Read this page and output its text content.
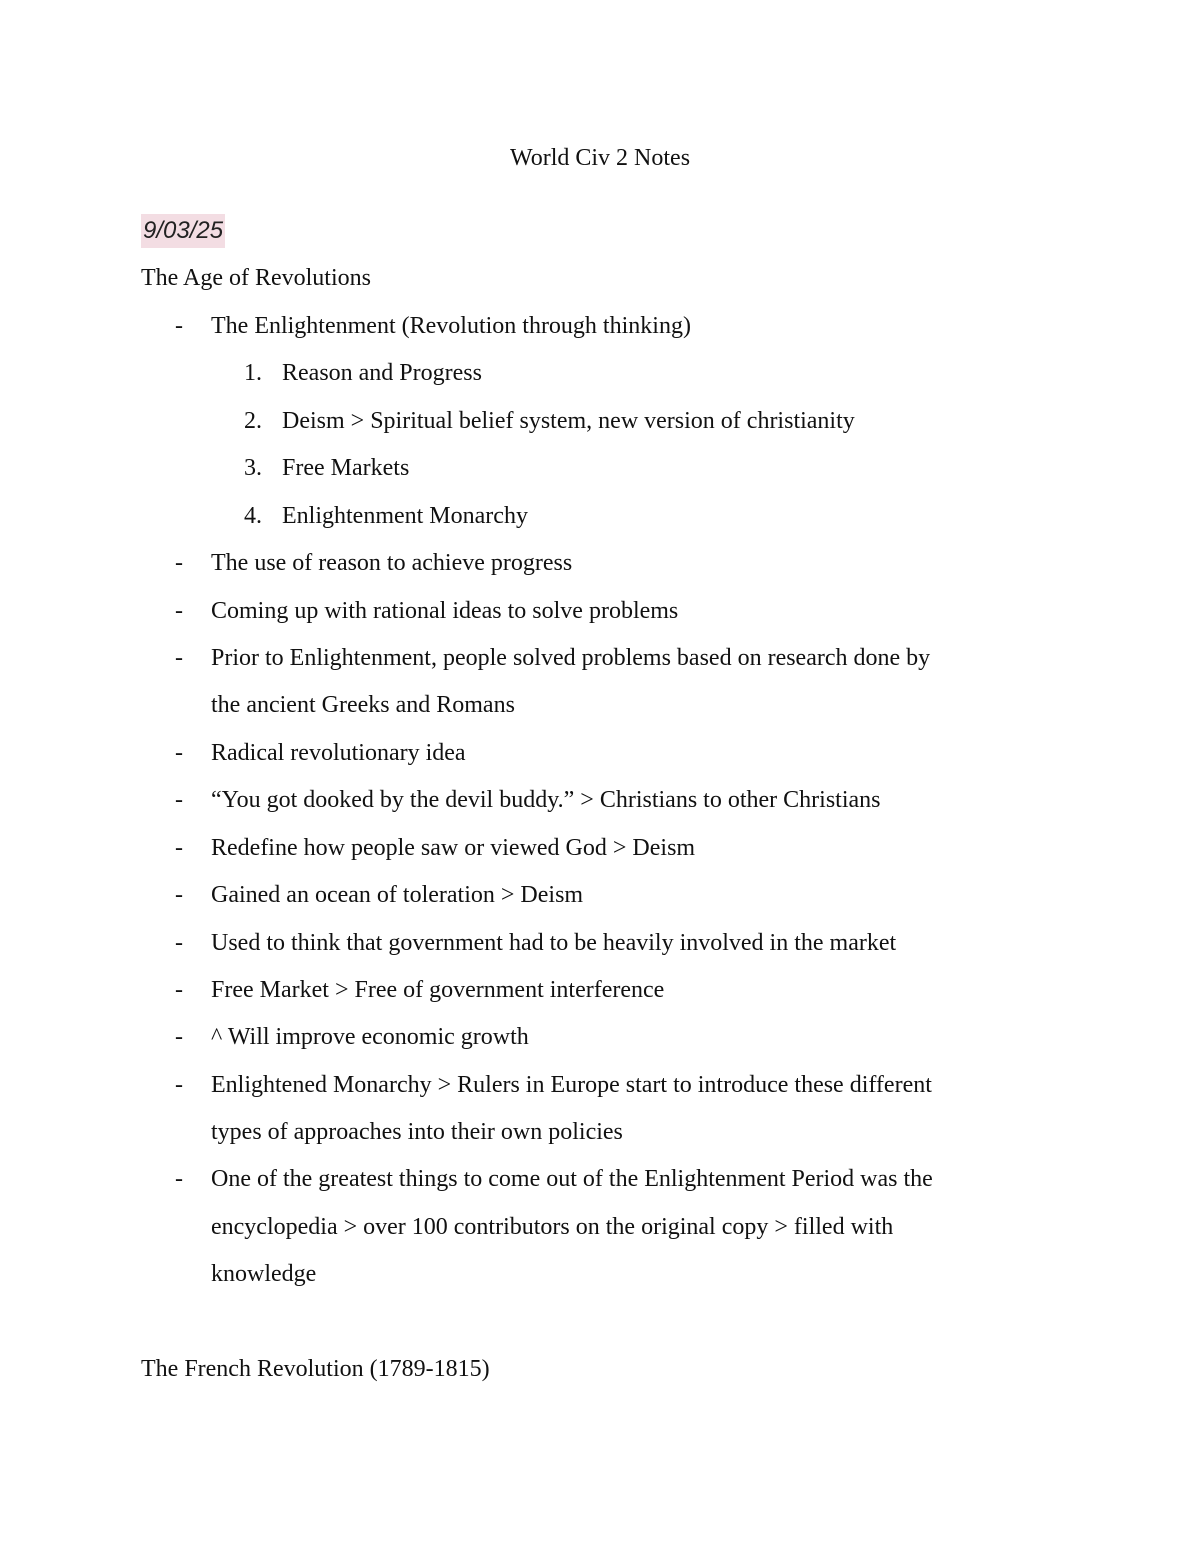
World Civ 2 Notes
9/03/25
The Age of Revolutions
- The Enlightenment (Revolution through thinking)
1. Reason and Progress
2. Deism > Spiritual belief system, new version of christianity
3. Free Markets
4. Enlightenment Monarchy
- The use of reason to achieve progress
- Coming up with rational ideas to solve problems
- Prior to Enlightenment, people solved problems based on research done by
the ancient Greeks and Romans
- Radical revolutionary idea
- “You got dooked by the devil buddy.” > Christians to other Christians
- Redefine how people saw or viewed God > Deism
- Gained an ocean of toleration > Deism
- Used to think that government had to be heavily involved in the market
- Free Market > Free of government interference
- ^ Will improve economic growth
- Enlightened Monarchy > Rulers in Europe start to introduce these different
types of approaches into their own policies
- One of the greatest things to come out of the Enlightenment Period was the
encyclopedia > over 100 contributors on the original copy > filled with
knowledge
The French Revolution (1789-1815)
